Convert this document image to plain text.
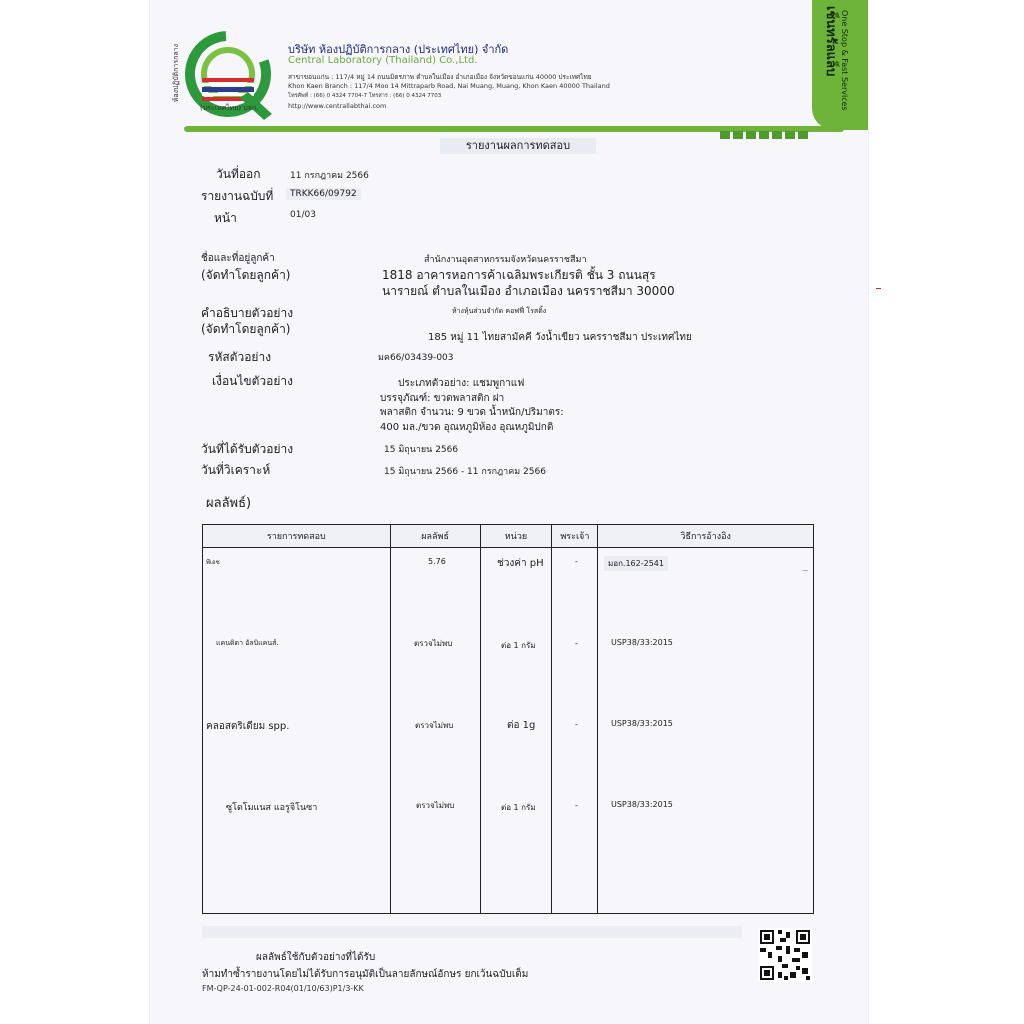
เช็นทรัลแล็บ One Stop & Fast Services
ห้องปฏิบัติการกลาง
(ประเทศไทย) บจก.
บริษัท ห้องปฏิบัติการกลาง (ประเทศไทย) จำกัด
Central Laboratory (Thailand) Co.,Ltd.
สาขาขอนแก่น : 117/4 หมู่ 14 ถนนมิตรภาพ ตำบลในเมือง อำเภอเมือง จังหวัดขอนแก่น 40000 ประเทศไทย
Khon Kaen Branch : 117/4 Moo 14 Mittraparb Road, Nai Muang, Muang, Khon Kaen 40000 Thailand
โทรศัพท์ : (66) 0 4324 7704-7 โทรสาร : (66) 0 4324 7703
http://www.centrallabthai.com
รายงานผลการทดสอบ
วันที่ออก	11 กรกฎาคม 2566
รายงานฉบับที่	TRKK66/09792
หน้า	01/03
ชื่อและที่อยู่ลูกค้า
(จัดทำโดยลูกค้า)
สำนักงานอุตสาหกรรมจังหวัดนครราชสีมา
1818 อาคารหอการค้าเฉลิมพระเกียรติ ชั้น 3 ถนนสุร
นารายณ์ ตำบลในเมือง อำเภอเมือง นครราชสีมา 30000
คำอธิบายตัวอย่าง
(จัดทำโดยลูกค้า)
ห้างหุ้นส่วนจำกัด คอฟฟี่ โรสติ้ง
185 หมู่ 11 ไทยสามัคคี วังน้ำเขียว นครราชสีมา ประเทศไทย
รหัสตัวอย่าง	มค66/03439-003
เงื่อนไขตัวอย่าง	ประเภทตัวอย่าง: แชมพูกาแฟ
บรรจุภัณฑ์: ขวดพลาสติก ฝา
พลาสติก จำนวน: 9 ขวด น้ำหนัก/ปริมาตร:
400 มล./ขวด อุณหภูมิห้อง อุณหภูมิปกติ
วันที่ได้รับตัวอย่าง	15 มิถุนายน 2566
วันที่วิเคราะห์	15 มิถุนายน 2566 - 11 กรกฎาคม 2566
ผลลัพธ์)
รายการทดสอบ	ผลลัพธ์	หน่วย	พระเจ้า	วิธีการอ้างอิง

พีเอช	5.76	ช่วงค่า pH	-	มอก.162-2541
แคนดิดา อัลบิแคนส์.	ตรวจไม่พบ	ต่อ 1 กรัม	-	USP38/33:2015
คลอสตริเดียม spp.	ตรวจไม่พบ	ต่อ 1g	-	USP38/33:2015
ซูโดโมแนส แอรูจิโนซา	ตรวจไม่พบ	ต่อ 1 กรัม	-	USP38/33:2015
~
ผลลัพธ์ใช้กับตัวอย่างที่ได้รับ
ห้ามทำซ้ำรายงานโดยไม่ได้รับการอนุมัติเป็นลายลักษณ์อักษร ยกเว้นฉบับเต็ม
FM-QP-24-01-002-R04(01/10/63)P1/3-KK
